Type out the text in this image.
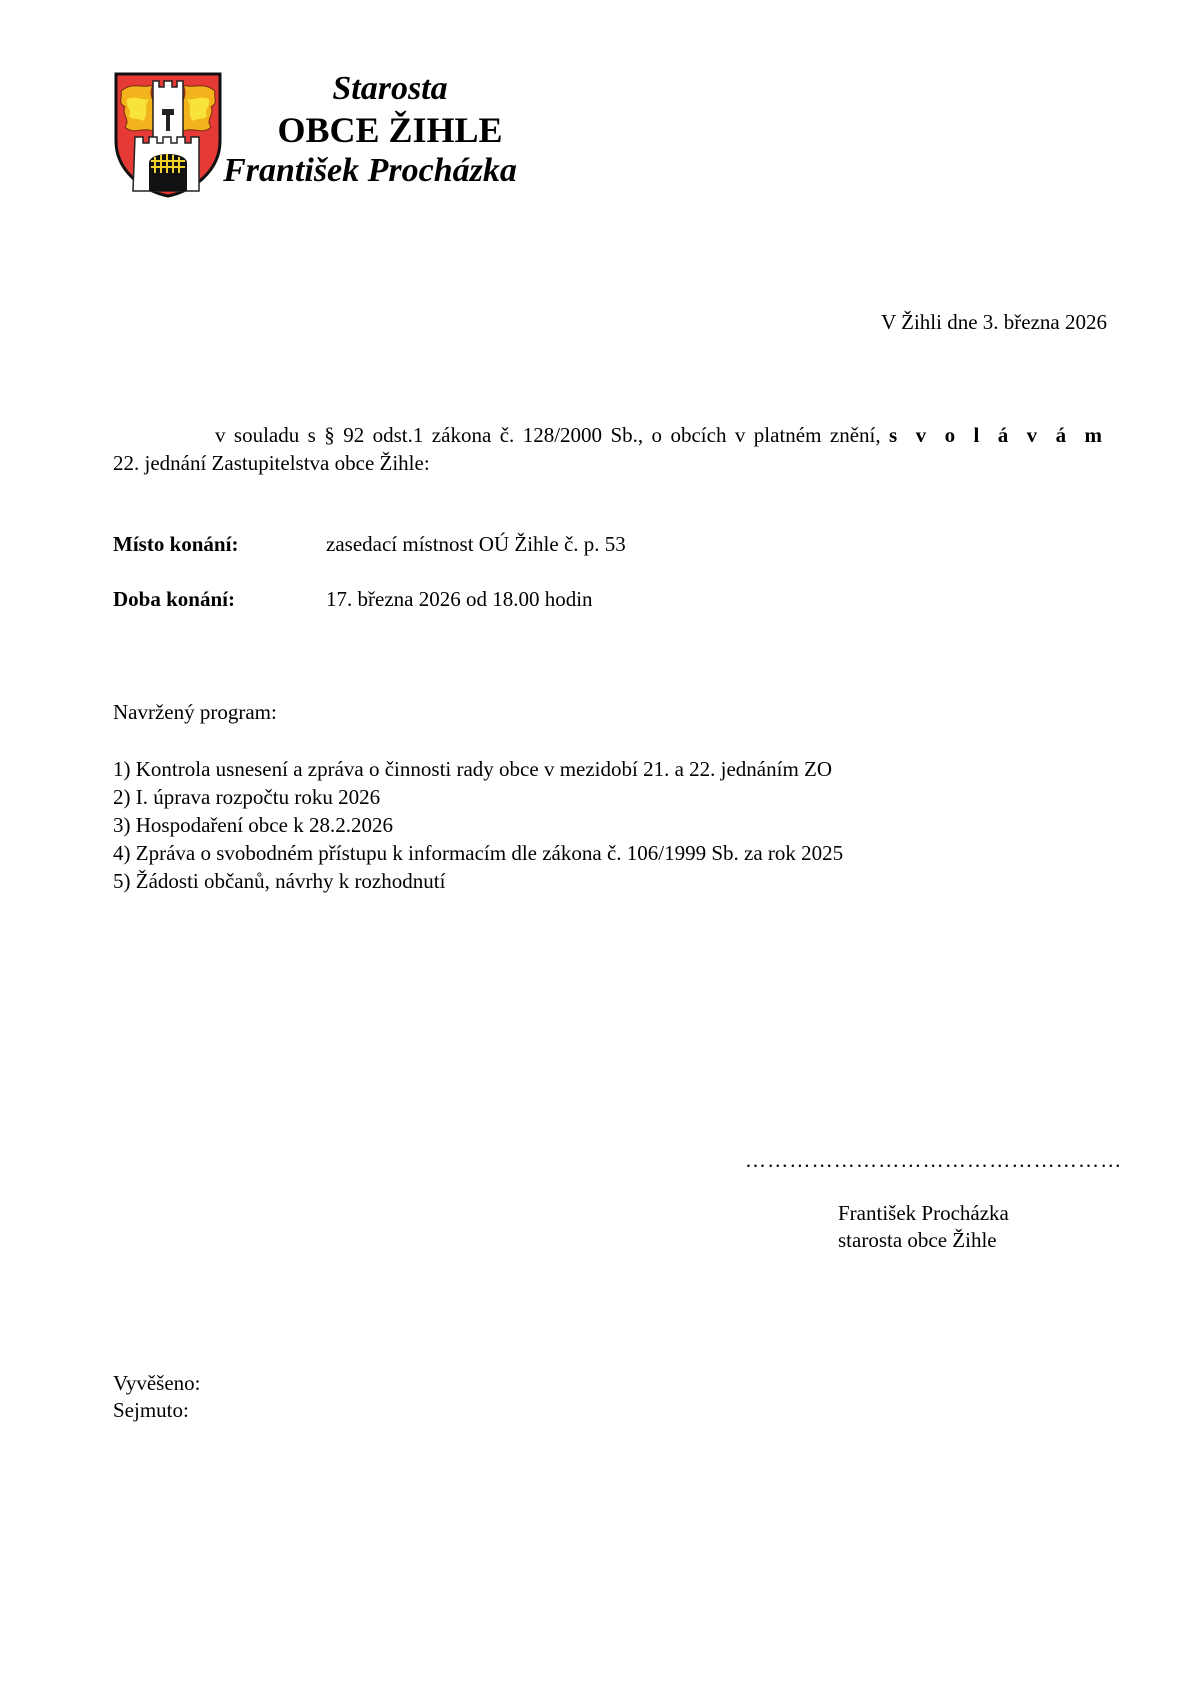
Starosta
OBCE ŽIHLE
František Procházka
V Žihli dne 3. března 2026
v souladu s § 92 odst.1 zákona č. 128/2000 Sb., o obcích v platném znění, s v o l á v á m
22. jednání Zastupitelstva obce Žihle:
Místo konání:	zasedací místnost OÚ Žihle č. p. 53
Doba konání:	17. března 2026 od 18.00 hodin
Navržený program:
1) Kontrola usnesení a zpráva o činnosti rady obce v mezidobí 21. a 22. jednáním ZO
2) I. úprava rozpočtu roku 2026
3) Hospodaření obce k 28.2.2026
4) Zpráva o svobodném přístupu k informacím dle zákona č. 106/1999 Sb. za rok 2025
5) Žádosti občanů, návrhy k rozhodnutí
……………………………………………
František Procházka
starosta obce Žihle
Vyvěšeno:
Sejmuto:
